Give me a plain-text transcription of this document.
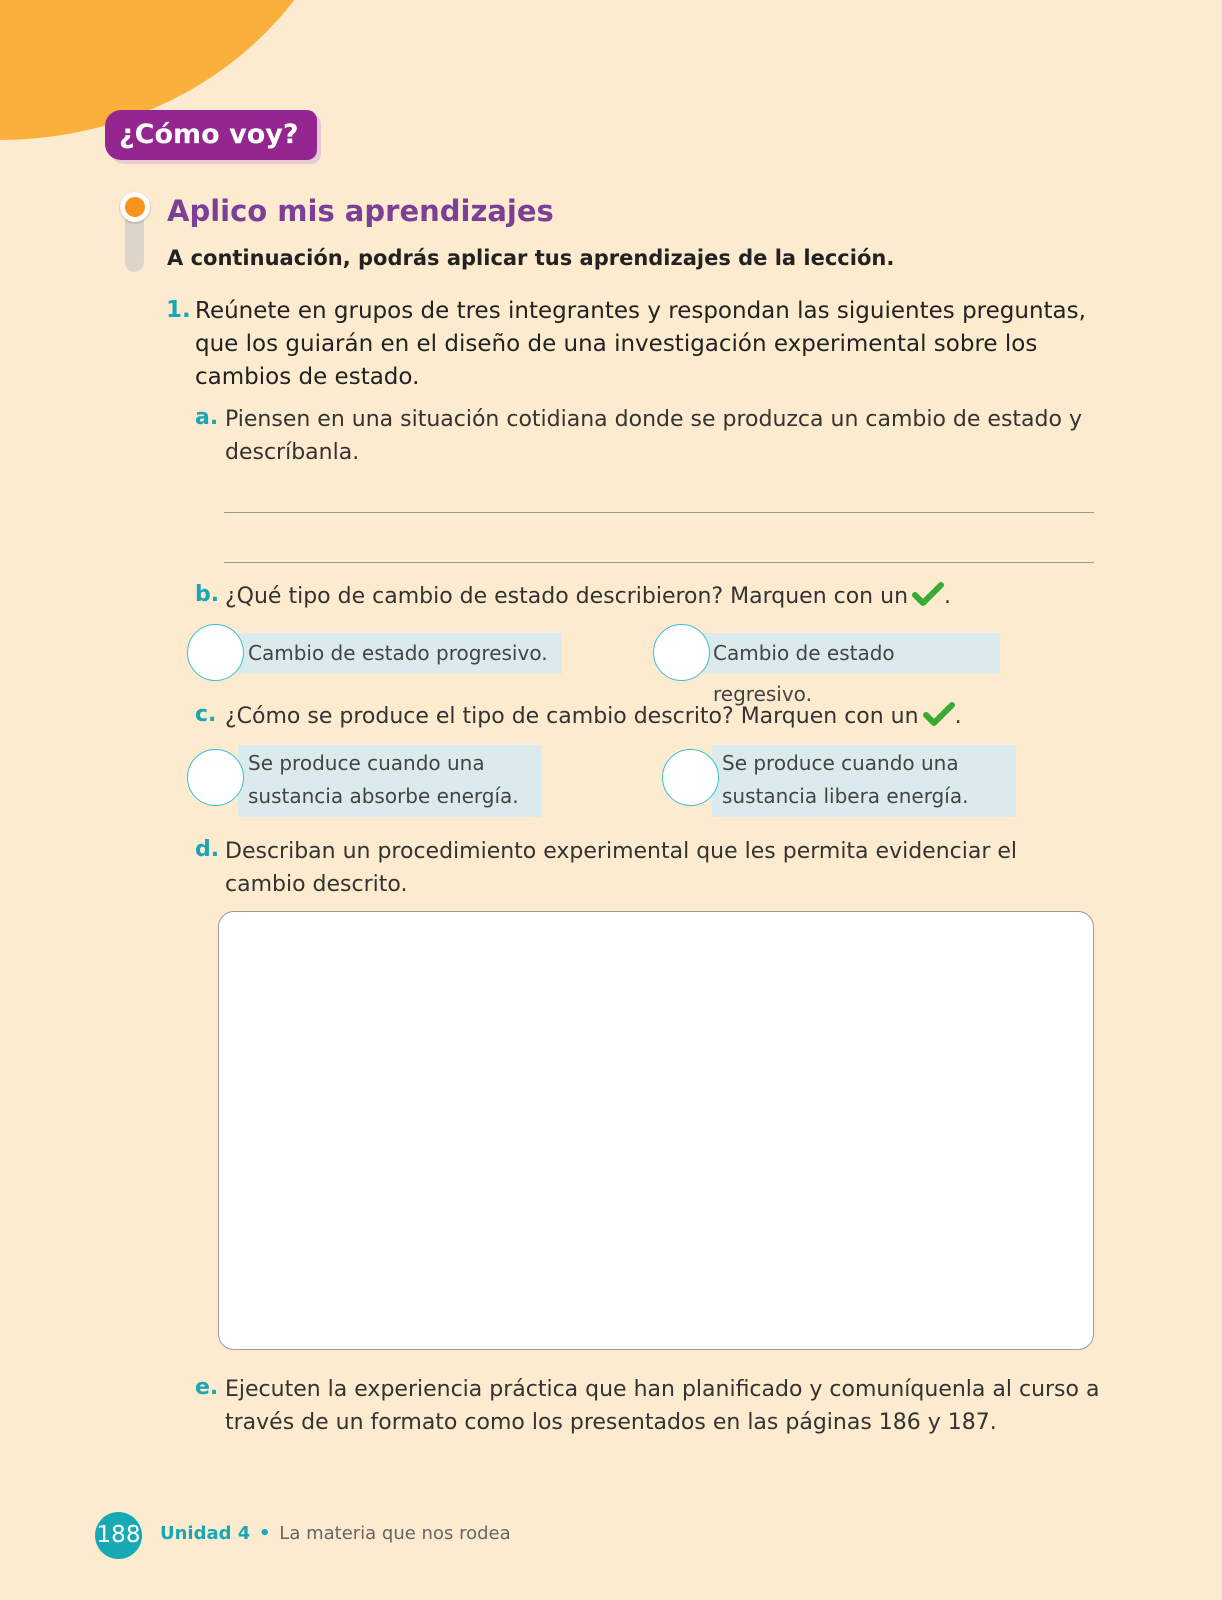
¿Cómo voy?
Aplico mis aprendizajes
A continuación, podrás aplicar tus aprendizajes de la lección.
1. Reúnete en grupos de tres integrantes y respondan las siguientes preguntas, que los guiarán en el diseño de una investigación experimental sobre los cambios de estado.
a. Piensen en una situación cotidiana donde se produzca un cambio de estado y descríbanla.
b. ¿Qué tipo de cambio de estado describieron? Marquen con un .
Cambio de estado progresivo.	Cambio de estado regresivo.
c. ¿Cómo se produce el tipo de cambio descrito? Marquen con un .
Se produce cuando una
sustancia absorbe energía.
Se produce cuando una
sustancia libera energía.
d. Describan un procedimiento experimental que les permita evidenciar el cambio descrito.
e. Ejecuten la experiencia práctica que han planificado y comuníquenla al curso a través de un formato como los presentados en las páginas 186 y 187.
188 Unidad 4 • La materia que nos rodea
